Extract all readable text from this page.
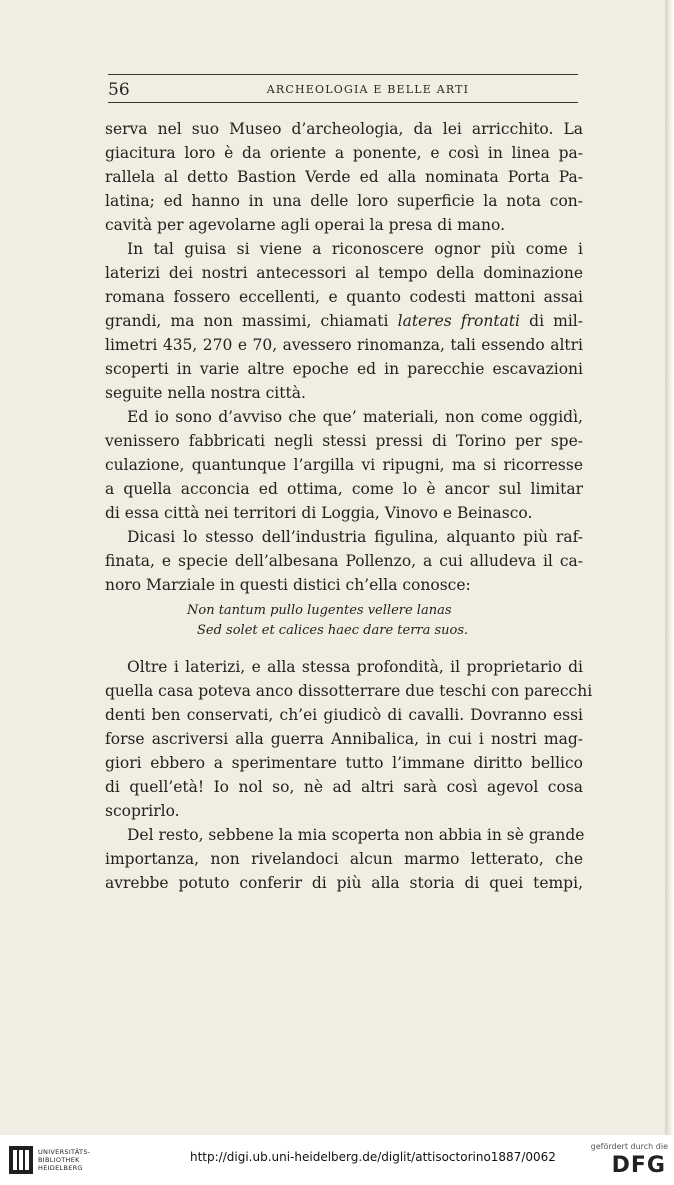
56	ARCHEOLOGIA E BELLE ARTI
serva nel suo Museo d’archeologia, da lei arricchito. La
giacitura loro è da oriente a ponente, e così in linea pa-
rallela al detto Bastion Verde ed alla nominata Porta Pa-
latina; ed hanno in una delle loro superficie la nota con-
cavità per agevolarne agli operai la presa di mano.
In tal guisa si viene a riconoscere ognor più come i
laterizi dei nostri antecessori al tempo della dominazione
romana fossero eccellenti, e quanto codesti mattoni assai
grandi, ma non massimi, chiamati lateres frontati di mil-
limetri 435, 270 e 70, avessero rinomanza, tali essendo altri
scoperti in varie altre epoche ed in parecchie escavazioni
seguite nella nostra città.
Ed io sono d’avviso che que’ materiali, non come oggidì,
venissero fabbricati negli stessi pressi di Torino per spe-
culazione, quantunque l’argilla vi ripugni, ma si ricorresse
a quella acconcia ed ottima, come lo è ancor sul limitar
di essa città nei territori di Loggia, Vinovo e Beinasco.
Dicasi lo stesso dell’industria figulina, alquanto più raf-
finata, e specie dell’albesana Pollenzo, a cui alludeva il ca-
noro Marziale in questi distici ch’ella conosce:
Non tantum pullo lugentes vellere lanas
Sed solet et calices haec dare terra suos.
Oltre i laterizi, e alla stessa profondità, il proprietario di
quella casa poteva anco dissotterrare due teschi con parecchi
denti ben conservati, ch’ei giudicò di cavalli. Dovranno essi
forse ascriversi alla guerra Annibalica, in cui i nostri mag-
giori ebbero a sperimentare tutto l’immane diritto bellico
di quell’età! Io nol so, nè ad altri sarà così agevol cosa
scoprirlo.
Del resto, sebbene la mia scoperta non abbia in sè grande
importanza, non rivelandoci alcun marmo letterato, che
avrebbe potuto conferir di più alla storia di quei tempi,
UNIVERSITÄTS-
BIBLIOTHEK
HEIDELBERG
http://digi.ub.uni-heidelberg.de/diglit/attisoctorino1887/0062
gefördert durch die
DFG
